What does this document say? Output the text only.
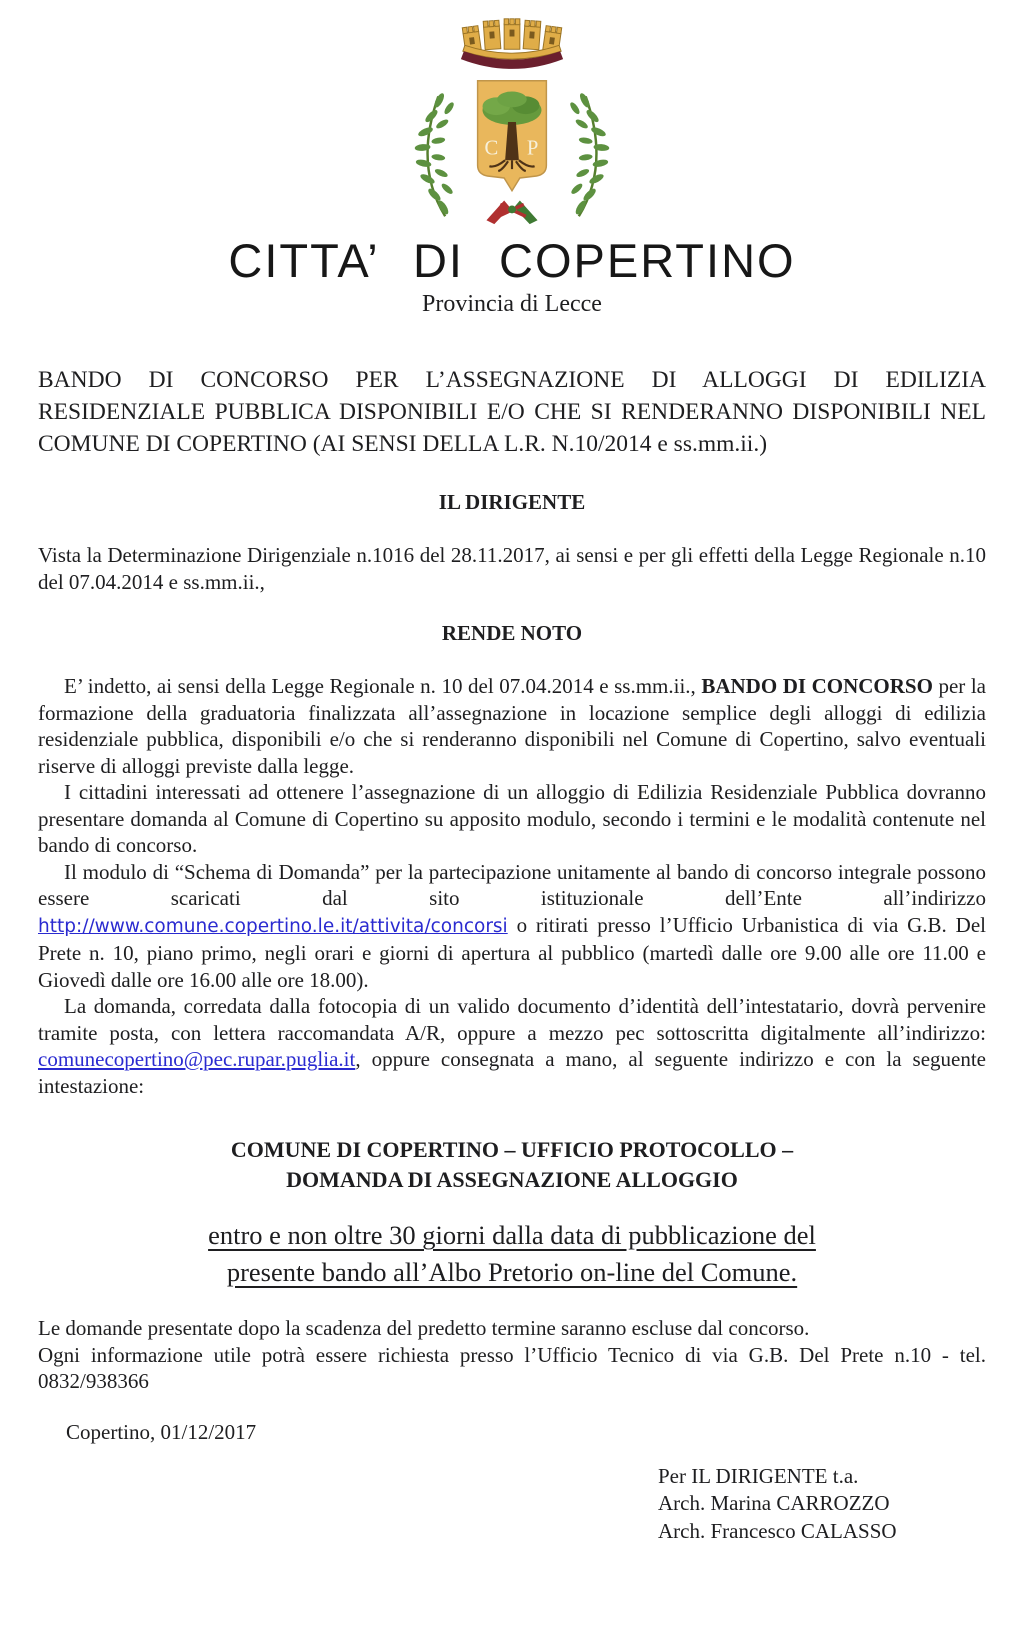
C P
CITTA’ DI COPERTINO
Provincia di Lecce

BANDO DI CONCORSO PER L’ASSEGNAZIONE DI ALLOGGI DI EDILIZIA RESIDENZIALE PUBBLICA DISPONIBILI E/O CHE SI RENDERANNO DISPONIBILI NEL COMUNE DI COPERTINO (AI SENSI DELLA L.R. N.10/2014 e ss.mm.ii.)

IL DIRIGENTE

Vista la Determinazione Dirigenziale n.1016 del 28.11.2017, ai sensi e per gli effetti della Legge Regionale n.10 del 07.04.2014 e ss.mm.ii.,

RENDE NOTO

E’ indetto, ai sensi della Legge Regionale n. 10 del 07.04.2014 e ss.mm.ii., BANDO DI CONCORSO per la formazione della graduatoria finalizzata all’assegnazione in locazione semplice degli alloggi di edilizia residenziale pubblica, disponibili e/o che si renderanno disponibili nel Comune di Copertino, salvo eventuali riserve di alloggi previste dalla legge.

I cittadini interessati ad ottenere l’assegnazione di un alloggio di Edilizia Residenziale Pubblica dovranno presentare domanda al Comune di Copertino su apposito modulo, secondo i termini e le modalità contenute nel bando di concorso.

Il modulo di “Schema di Domanda” per la partecipazione unitamente al bando di concorso integrale possono essere scaricati dal sito istituzionale dell’Ente all’indirizzo http://www.comune.copertino.le.it/attivita/concorsi o ritirati presso l’Ufficio Urbanistica di via G.B. Del Prete n. 10, piano primo, negli orari e giorni di apertura al pubblico (martedì dalle ore 9.00 alle ore 11.00 e Giovedì dalle ore 16.00 alle ore 18.00).

La domanda, corredata dalla fotocopia di un valido documento d’identità dell’intestatario, dovrà pervenire tramite posta, con lettera raccomandata A/R, oppure a mezzo pec sottoscritta digitalmente all’indirizzo: comunecopertino@pec.rupar.puglia.it, oppure consegnata a mano, al seguente indirizzo e con la seguente intestazione:

COMUNE DI COPERTINO – UFFICIO PROTOCOLLO –
DOMANDA DI ASSEGNAZIONE ALLOGGIO
entro e non oltre 30 giorni dalla data di pubblicazione del
presente bando all’Albo Pretorio on-line del Comune.

Le domande presentate dopo la scadenza del predetto termine saranno escluse dal concorso.

Ogni informazione utile potrà essere richiesta presso l’Ufficio Tecnico di via G.B. Del Prete n.10 - tel. 0832/938366

Copertino, 01/12/2017
Per IL DIRIGENTE t.a.
Arch. Marina CARROZZO
Arch. Francesco CALASSO
